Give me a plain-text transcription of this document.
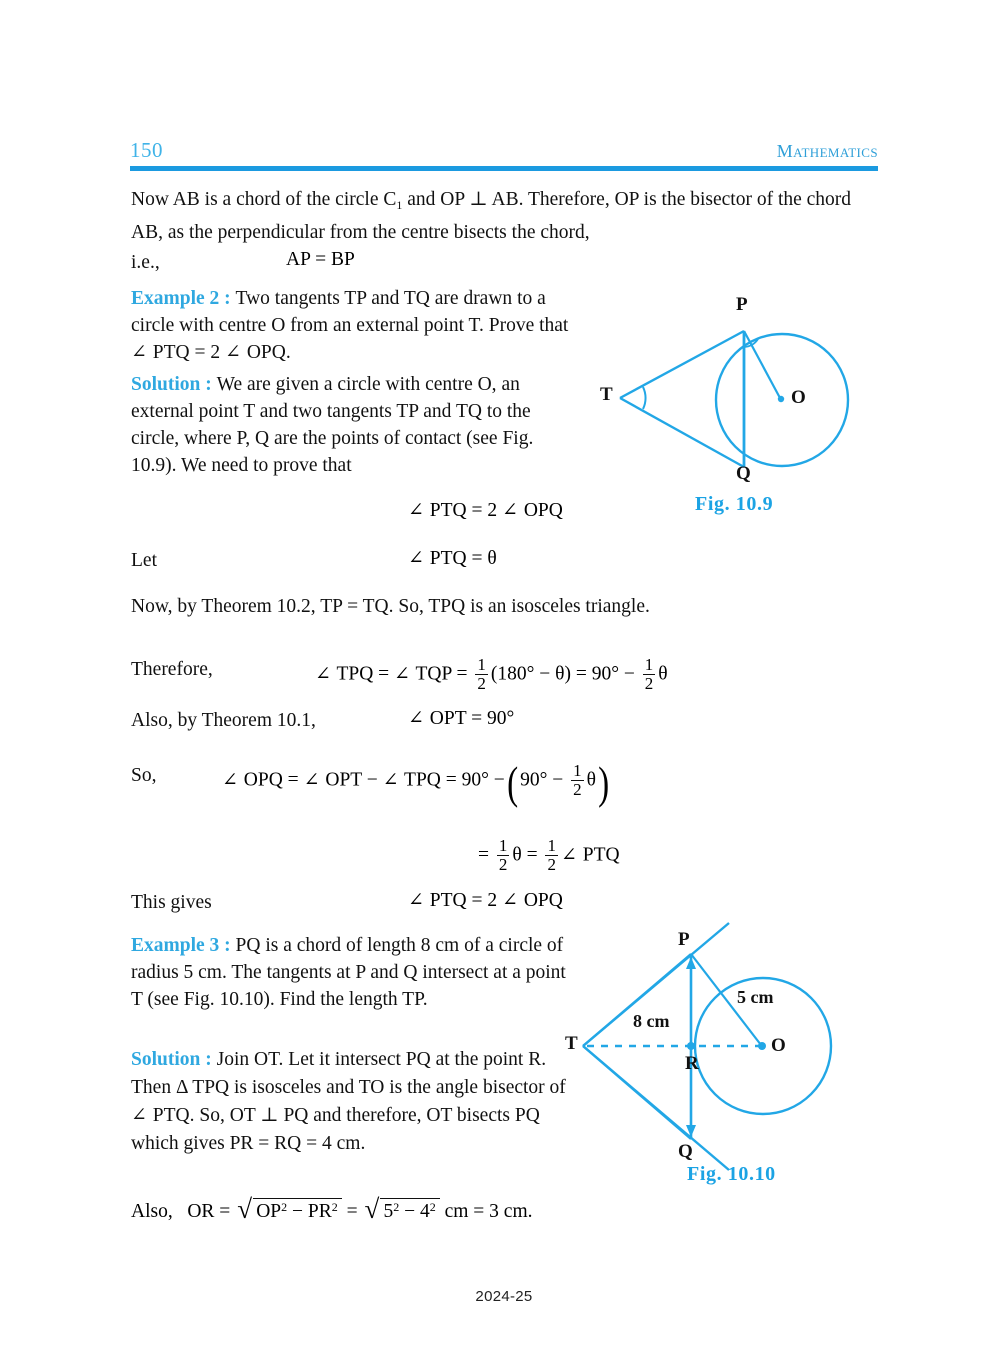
150	Mathematics
Now AB is a chord of the circle $C_1$ and OP ⊥ AB. Therefore, OP is the bisector of the chord AB, as the perpendicular from the centre bisects the chord,
i.e.,	AP = BP
Example 2 : Two tangents TP and TQ are drawn to a circle with centre O from an external point T. Prove that ∠ PTQ = 2 ∠ OPQ.
Solution : We are given a circle with centre O, an external point T and two tangents TP and TQ to the circle, where P, Q are the points of contact (see Fig. 10.9). We need to prove that
P
Q
T	O
Fig. 10.9
∠ PTQ = 2 ∠ OPQ
Let	∠ PTQ = θ
Now, by Theorem 10.2, TP = TQ. So, TPQ is an isosceles triangle.
Therefore,	∠ TPQ = ∠ TQP = $\frac{1}{2} (180^\circ - \theta) = 90^\circ - \frac{1}{2}$ θ
Also, by Theorem 10.1,	∠ OPT = 90°
So,	∠ OPQ = ∠ OPT − ∠ TPQ = 90° −( $90^\circ - \frac{1}{2} \theta$)
= $\frac{1}{2}$ $\theta = \frac{1}{2}$ ∠ PTQ
This gives	∠ PTQ = 2 ∠ OPQ
Example 3 : PQ is a chord of length 8 cm of a circle of radius 5 cm. The tangents at P and Q intersect at a point T (see Fig. 10.10). Find the length TP.
Solution : Join OT. Let it intersect PQ at the point R. Then Δ TPQ is isosceles and TO is the angle bisector of ∠ PTQ. So, OT ⊥ PQ and therefore, OT bisects PQ which gives PR = RQ = 4 cm.
P
Q
T	O
R
8 cm
5 cm
Fig. 10.10
Also, OR = √ $OP^2 - PR^2$ = √ $5^2 - 4^2$ cm = 3 cm.
2024-25
